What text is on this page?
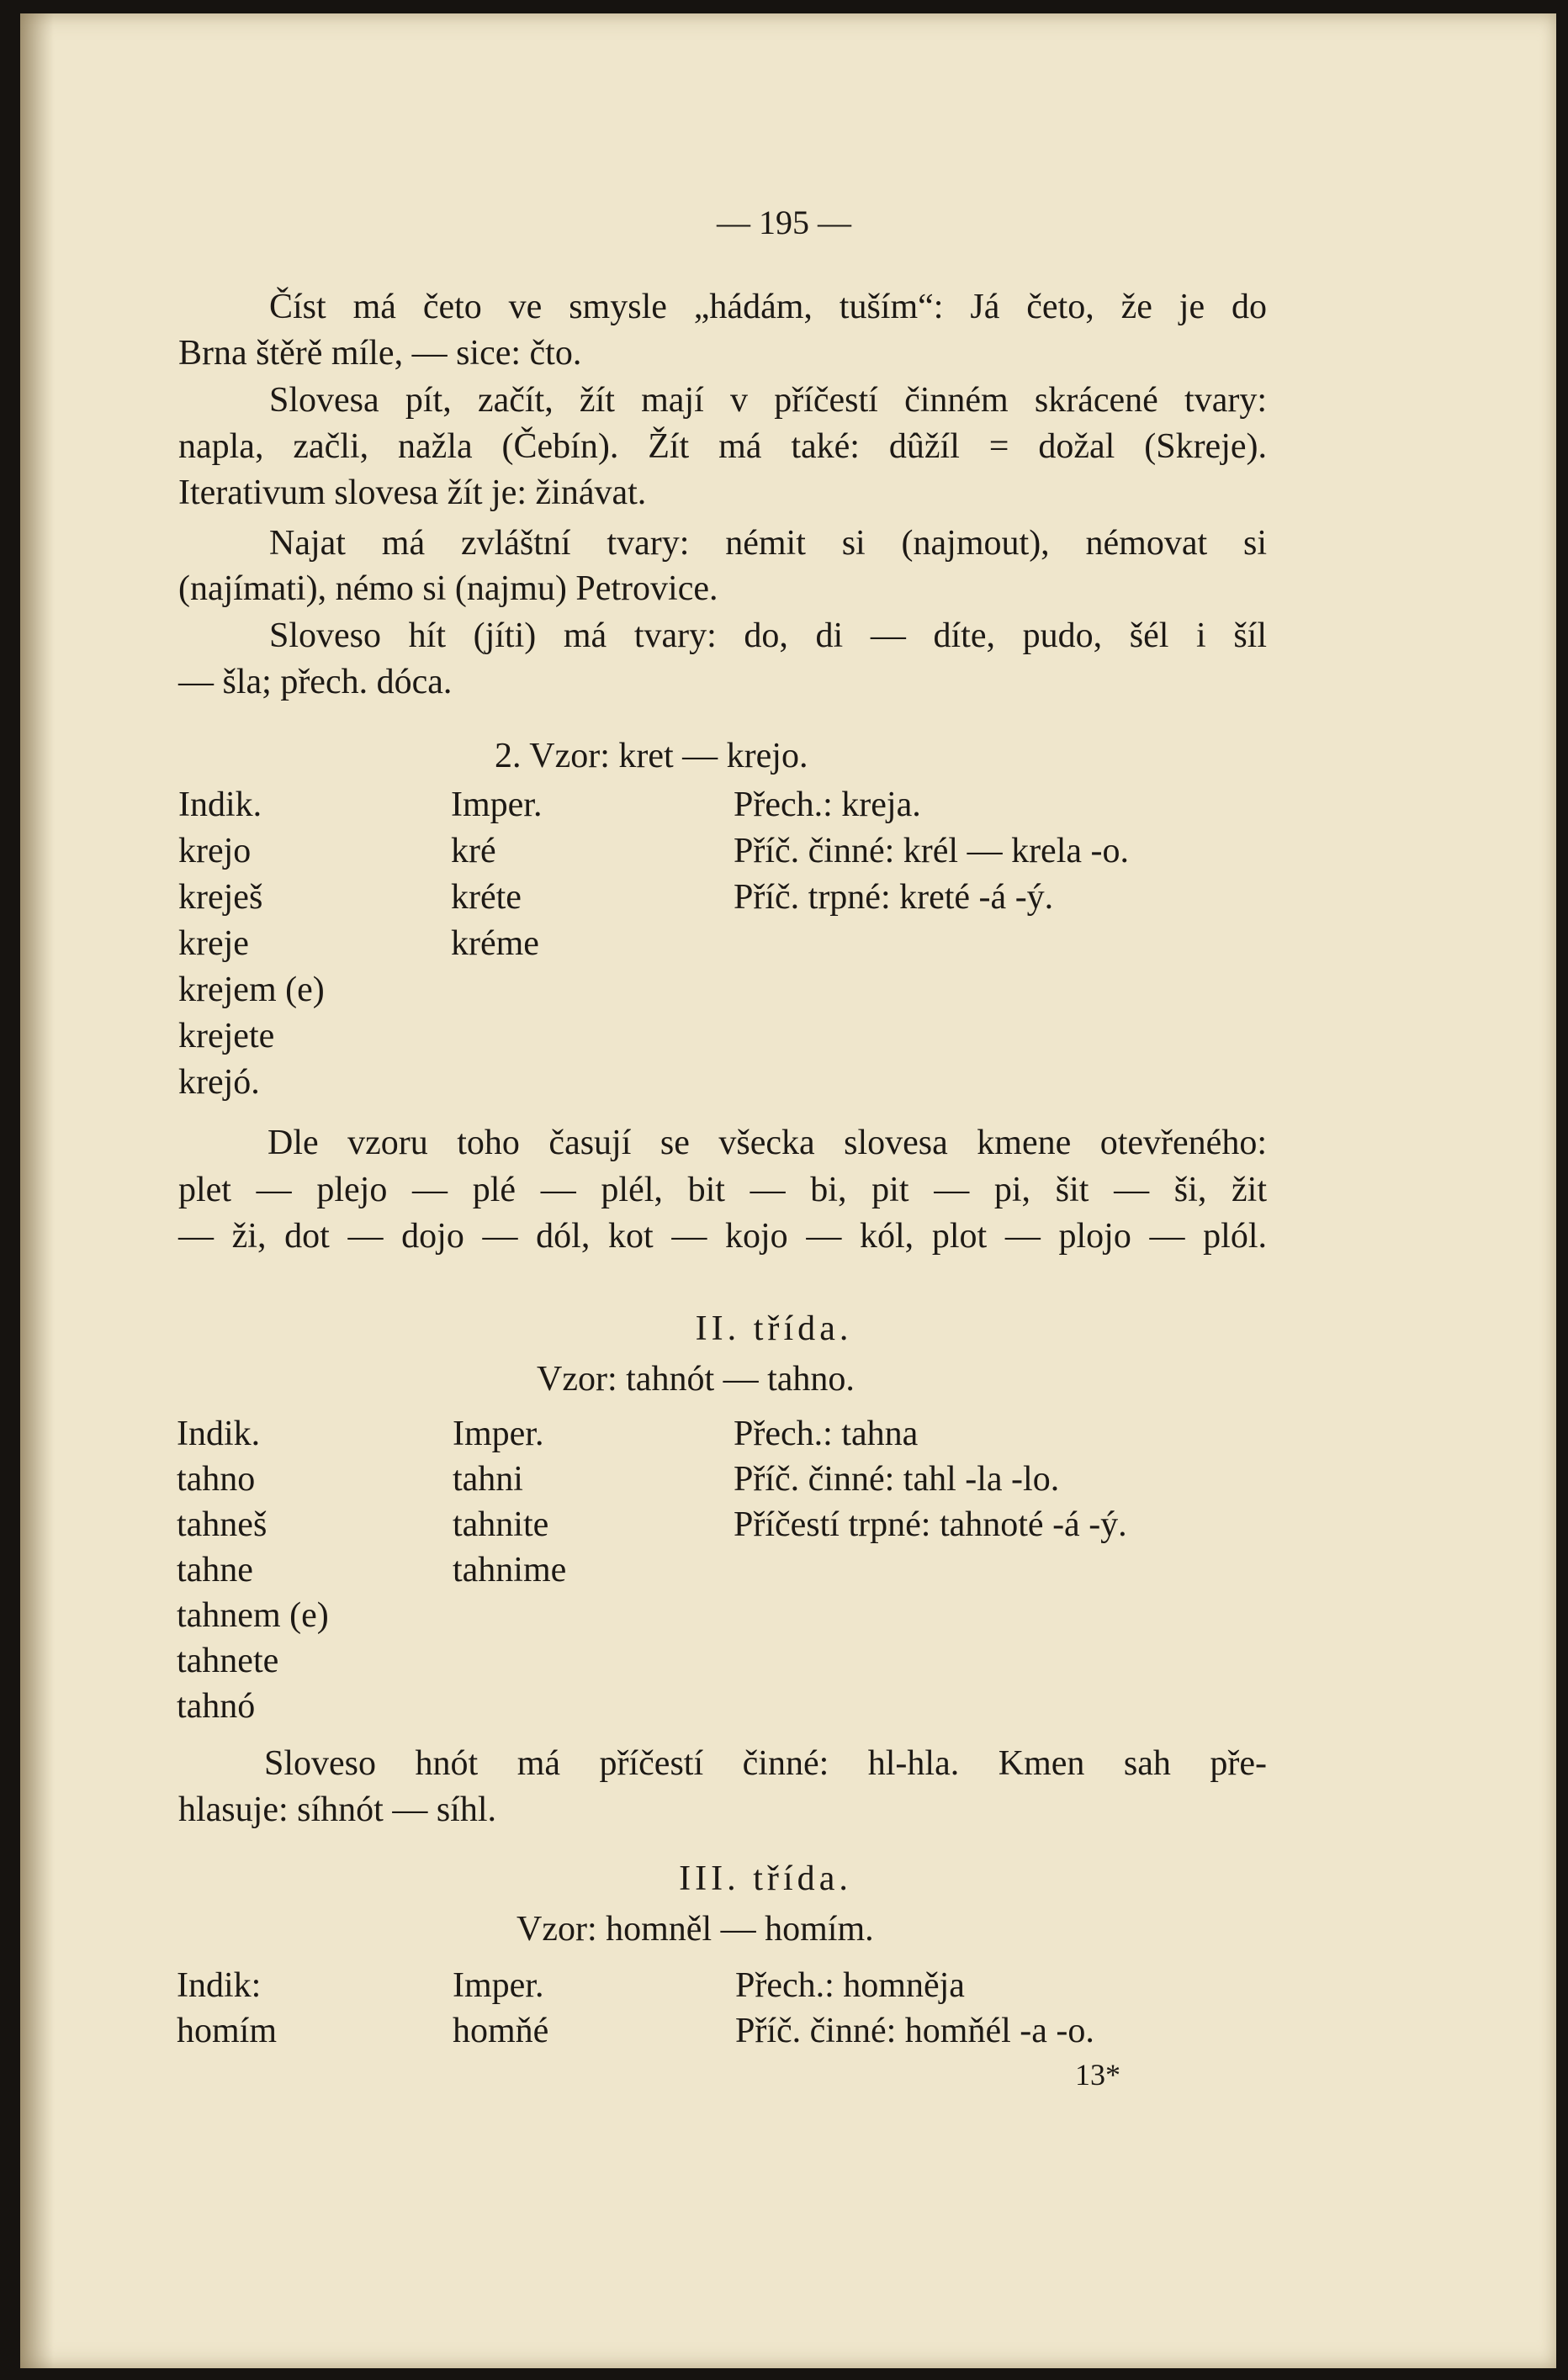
— 195 —
Číst má četo ve smysle „hádám, tuším“: Já četo, že je do
Brna štěrě míle, — sice: čto.
Slovesa pít, začít, žít mají v příčestí činném skrácené tvary:
napla, začli, nažla (Čebín). Žít má také: dûžíl = dožal (Skreje).
Iterativum slovesa žít je: žinávat.
Najat má zvláštní tvary: némit si (najmout), némovat si
(najímati), némo si (najmu) Petrovice.
Sloveso hít (jíti) má tvary: do, di — díte, pudo, šél i šíl
— šla; přech. dóca.
2. Vzor: kret — krejo.
Indik.
krejo
kreješ
kreje
krejem (e)
krejete
krejó.
Imper.
kré
kréte
kréme
Přech.: kreja.
Příč. činné: krél — krela -o.
Příč. trpné: kreté -á -ý.
Dle vzoru toho časují se všecka slovesa kmene otevřeného:
plet — plejo — plé — plél, bit — bi, pit — pi, šit — ši, žit
— ži, dot — dojo — dól, kot — kojo — kól, plot — plojo — plól.
II. třída.
Vzor: tahnót — tahno.
Indik.
tahno
tahneš
tahne
tahnem (e)
tahnete
tahnó
Imper.
tahni
tahnite
tahnime
Přech.: tahna
Příč. činné: tahl -la -lo.
Příčestí trpné: tahnoté -á -ý.
Sloveso hnót má příčestí činné: hl-hla. Kmen sah pře-
hlasuje: síhnót — síhl.
III. třída.
Vzor: homněl — homím.
Indik:
homím
Imper.
homňé
Přech.: homněja
Příč. činné: homňél -a -o.
13*
